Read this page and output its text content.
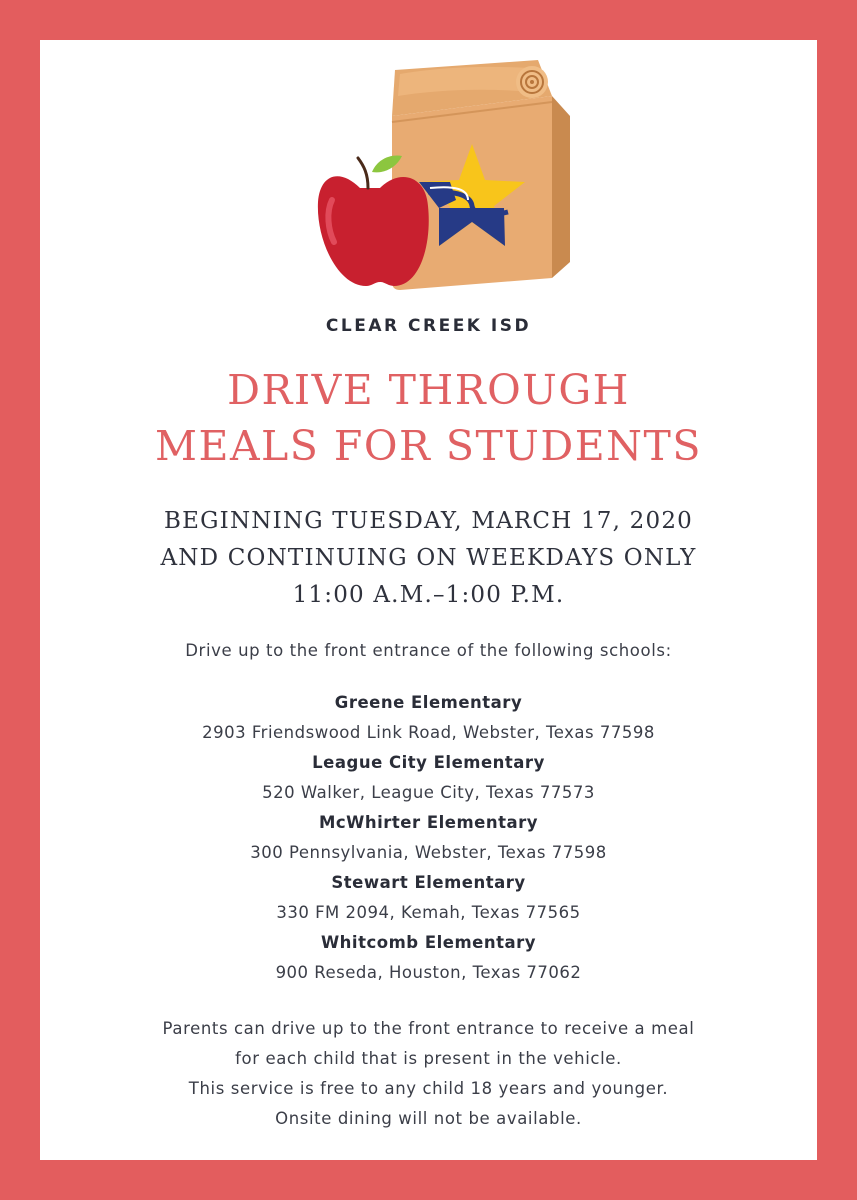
CLEAR CREEK ISD
DRIVE THROUGH
MEALS FOR STUDENTS
BEGINNING TUESDAY, MARCH 17, 2020
AND CONTINUING ON WEEKDAYS ONLY
11:00 A.M.–1:00 P.M.
Drive up to the front entrance of the following schools:
Greene Elementary
2903 Friendswood Link Road, Webster, Texas 77598
League City Elementary
520 Walker, League City, Texas 77573
McWhirter Elementary
300 Pennsylvania, Webster, Texas 77598
Stewart Elementary
330 FM 2094, Kemah, Texas 77565
Whitcomb Elementary
900 Reseda, Houston, Texas 77062
Parents can drive up to the front entrance to receive a meal
for each child that is present in the vehicle.
This service is free to any child 18 years and younger.
Onsite dining will not be available.
